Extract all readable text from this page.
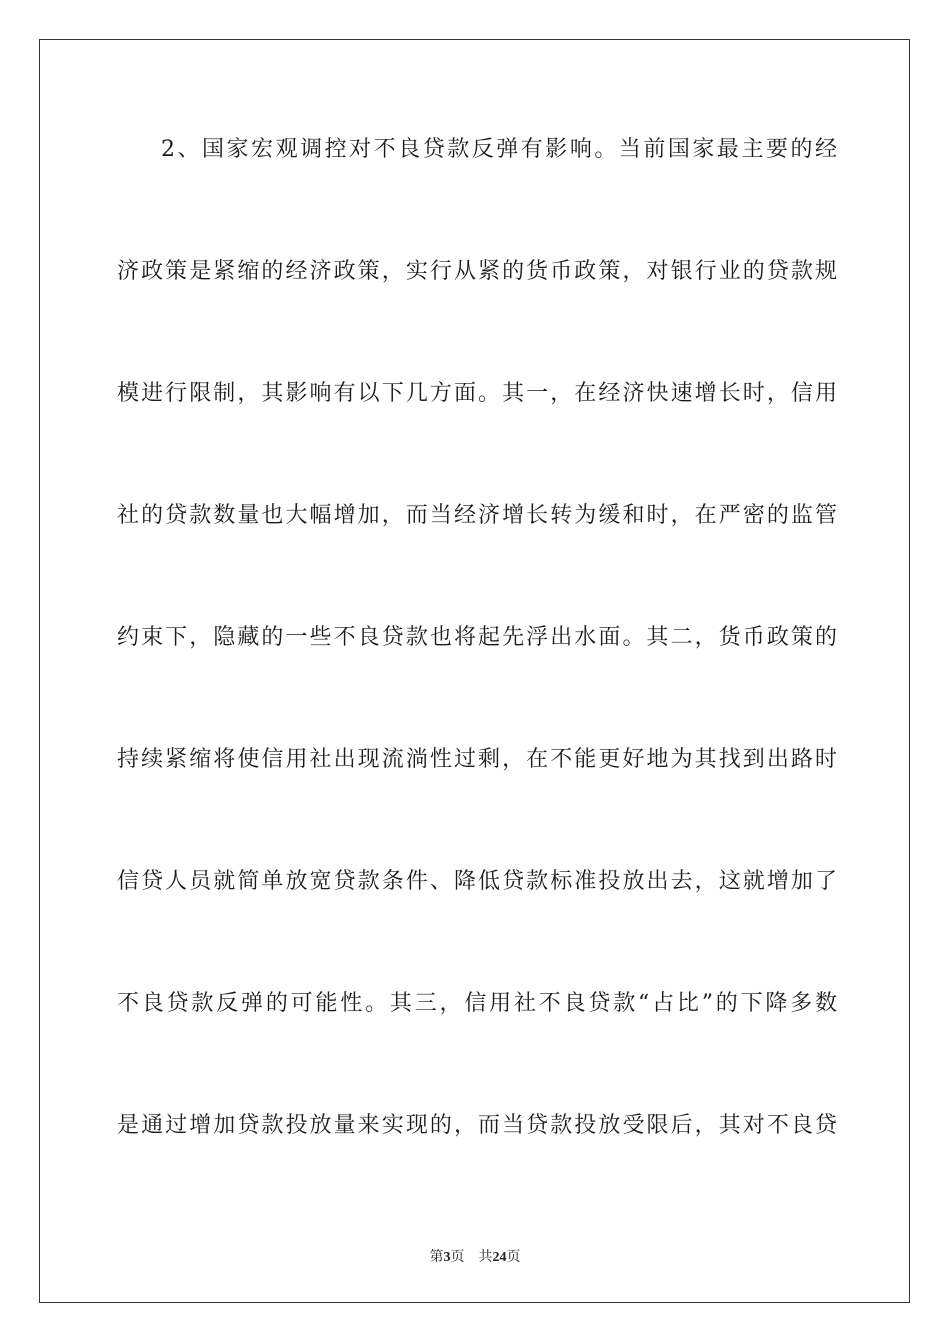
2、国家宏观调控对不良贷款反弹有影响。当前国家最主要的经
济政策是紧缩的经济政策，实行从紧的货币政策，对银行业的贷款规
模进行限制，其影响有以下几方面。其一，在经济快速增长时，信用
社的贷款数量也大幅增加，而当经济增长转为缓和时，在严密的监管
约束下，隐藏的一些不良贷款也将起先浮出水面。其二，货币政策的
持续紧缩将使信用社出现流淌性过剩，在不能更好地为其找到出路时
信贷人员就简单放宽贷款条件、降低贷款标准投放出去，这就增加了
不良贷款反弹的可能性。其三，信用社不良贷款“占比”的下降多数
是通过增加贷款投放量来实现的，而当贷款投放受限后，其对不良贷
第3页 共24页
